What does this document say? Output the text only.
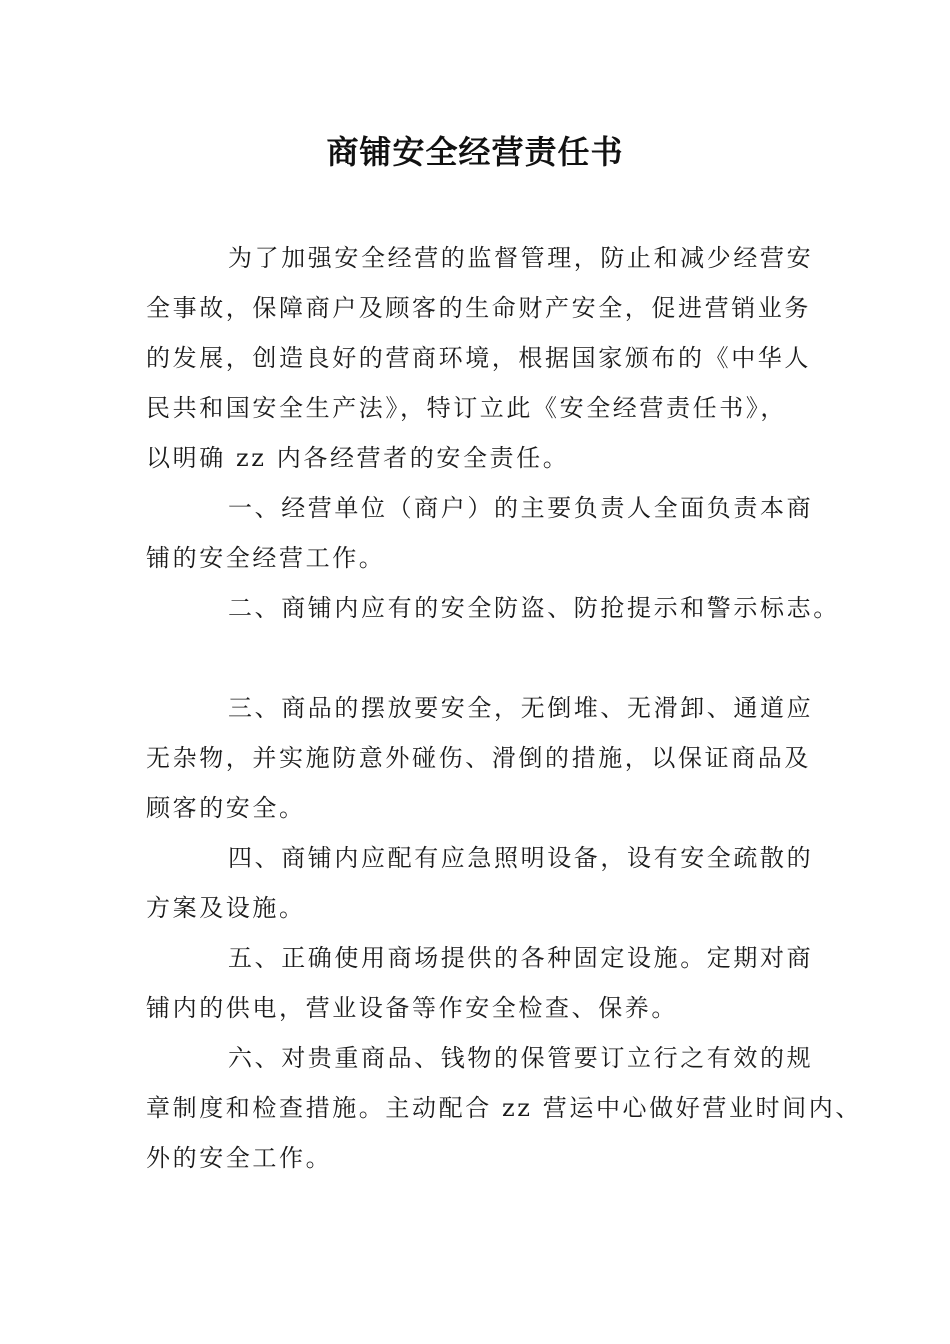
商铺安全经营责任书
为了加强安全经营的监督管理，防止和减少经营安
全事故，保障商户及顾客的生命财产安全，促进营销业务
的发展，创造良好的营商环境，根据国家颁布的《中华人
民共和国安全生产法》，特订立此《安全经营责任书》，
以明确 zz 内各经营者的安全责任。
一、经营单位（商户）的主要负责人全面负责本商
铺的安全经营工作。
二、商铺内应有的安全防盗、防抢提示和警示标志。
三、商品的摆放要安全，无倒堆、无滑卸、通道应
无杂物，并实施防意外碰伤、滑倒的措施，以保证商品及
顾客的安全。
四、商铺内应配有应急照明设备，设有安全疏散的
方案及设施。
五、正确使用商场提供的各种固定设施。定期对商
铺内的供电，营业设备等作安全检查、保养。
六、对贵重商品、钱物的保管要订立行之有效的规
章制度和检查措施。主动配合 zz 营运中心做好营业时间内、
外的安全工作。
